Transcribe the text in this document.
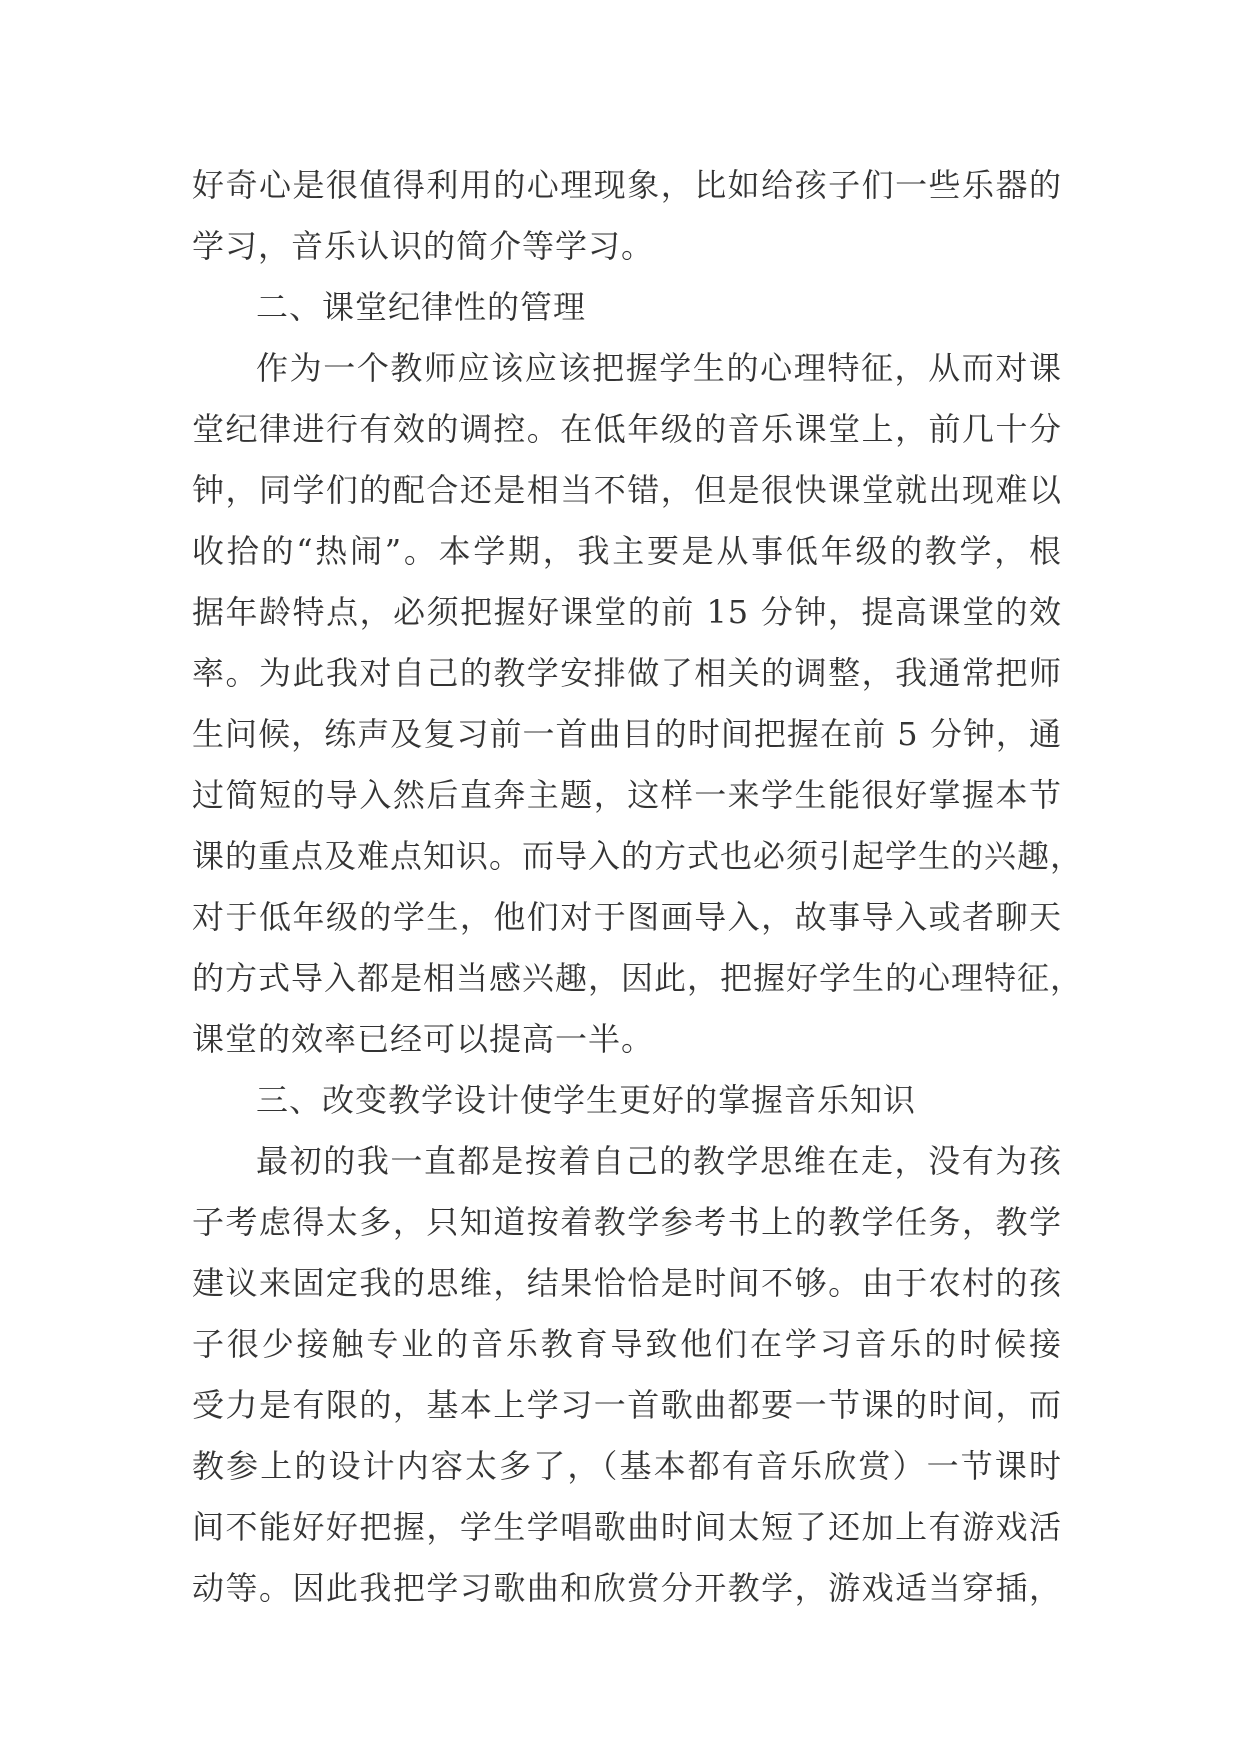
好奇心是很值得利用的心理现象，比如给孩子们一些乐器的
学习，音乐认识的简介等学习。
二、课堂纪律性的管理
作为一个教师应该应该把握学生的心理特征，从而对课
堂纪律进行有效的调控。在低年级的音乐课堂上，前几十分
钟，同学们的配合还是相当不错，但是很快课堂就出现难以
收拾的“热闹”。本学期，我主要是从事低年级的教学，根
据年龄特点，必须把握好课堂的前 15 分钟，提高课堂的效
率。为此我对自己的教学安排做了相关的调整，我通常把师
生问候，练声及复习前一首曲目的时间把握在前 5 分钟，通
过简短的导入然后直奔主题，这样一来学生能很好掌握本节
课的重点及难点知识。而导入的方式也必须引起学生的兴趣，
对于低年级的学生，他们对于图画导入，故事导入或者聊天
的方式导入都是相当感兴趣，因此，把握好学生的心理特征，
课堂的效率已经可以提高一半。
三、改变教学设计使学生更好的掌握音乐知识
最初的我一直都是按着自己的教学思维在走，没有为孩
子考虑得太多，只知道按着教学参考书上的教学任务，教学
建议来固定我的思维，结果恰恰是时间不够。由于农村的孩
子很少接触专业的音乐教育导致他们在学习音乐的时候接
受力是有限的，基本上学习一首歌曲都要一节课的时间，而
教参上的设计内容太多了，（基本都有音乐欣赏）一节课时
间不能好好把握，学生学唱歌曲时间太短了还加上有游戏活
动等。因此我把学习歌曲和欣赏分开教学，游戏适当穿插，
